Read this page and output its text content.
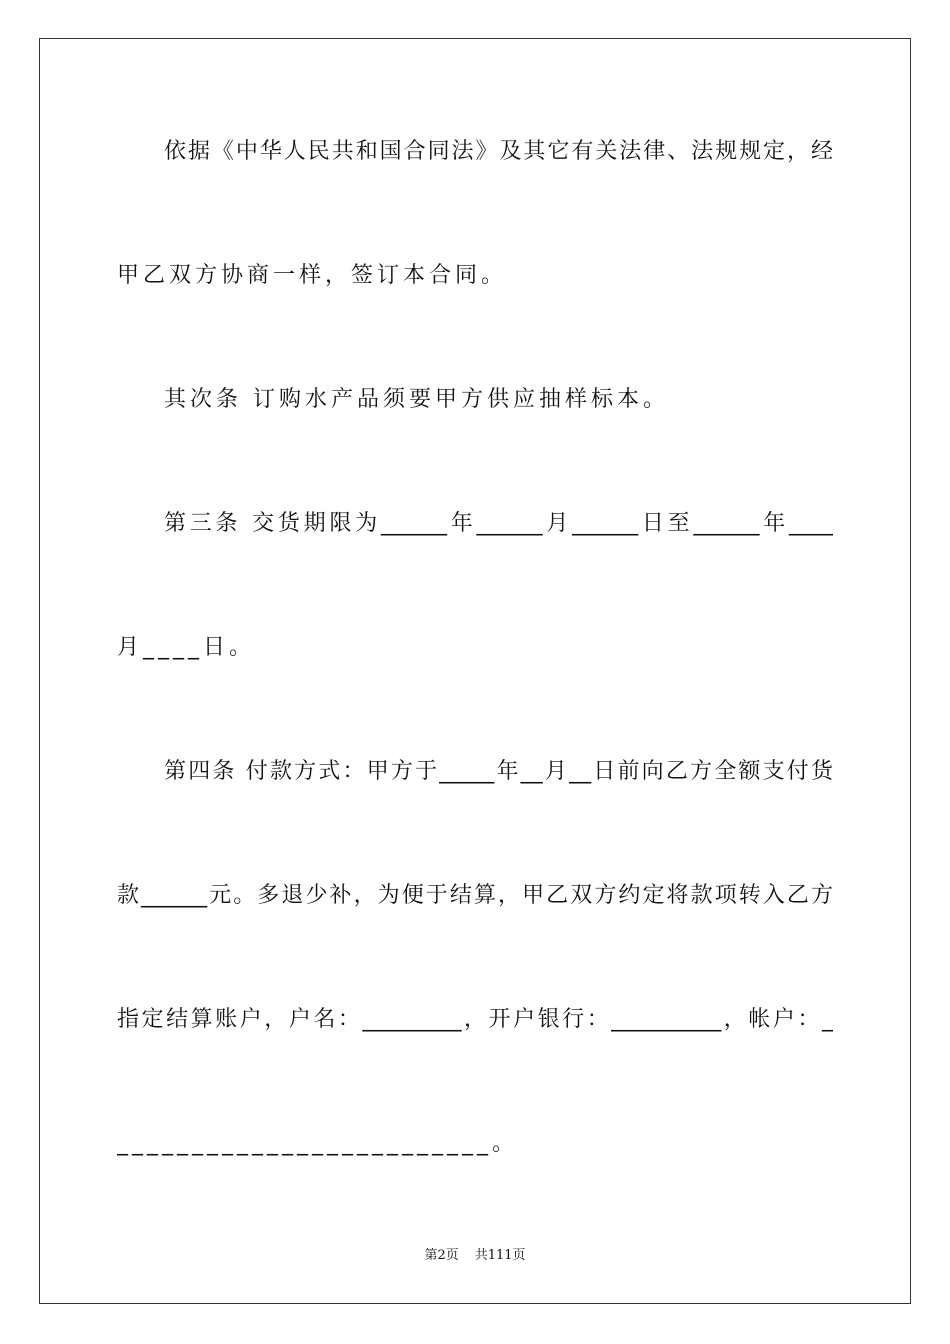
依据《中华人民共和国合同法》及其它有关法律、法规规定，经
甲乙双方协商一样，签订本合同。
其次条 订购水产品须要甲方供应抽样标本。
第三条 交货期限为______年______月______日至______年____
月____日。
第四条 付款方式：甲方于_____年__月__日前向乙方全额支付货
款______元。多退少补，为便于结算，甲乙双方约定将款项转入乙方
指定结算账户，户名：_________，开户银行：__________，帐户：_
_________________________。
第2页 共111页
